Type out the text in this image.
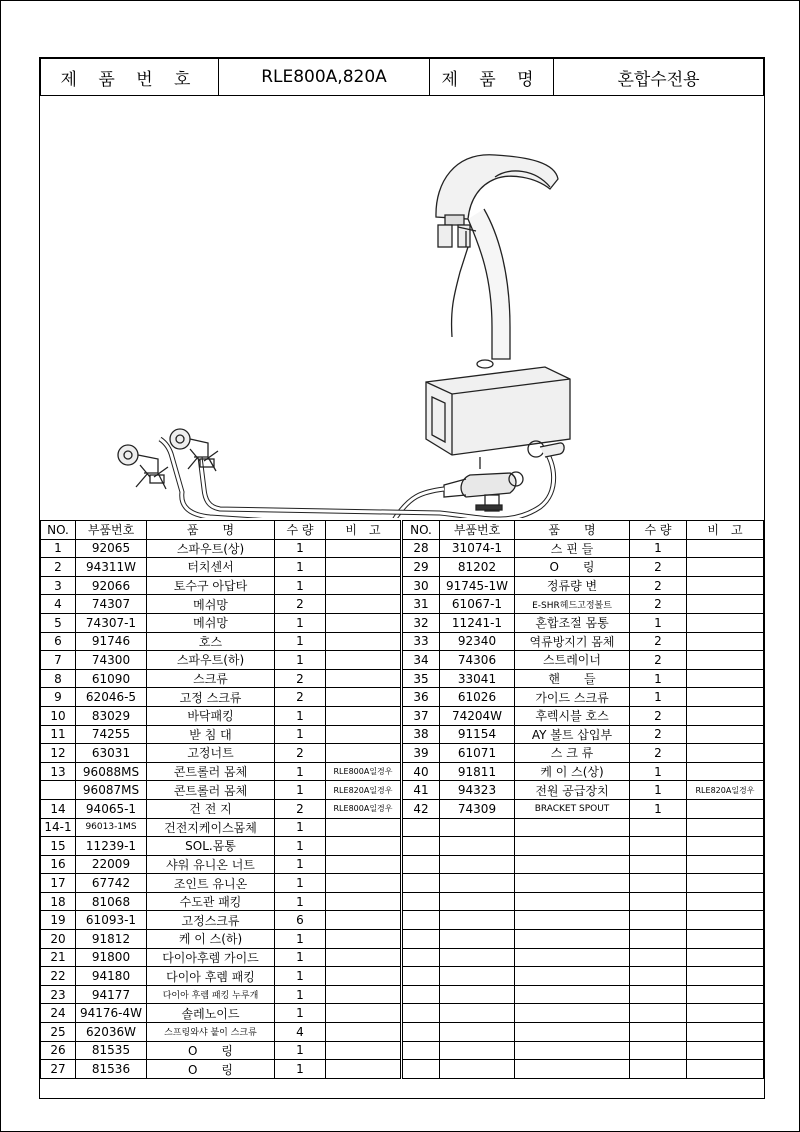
제 품 번 호	RLE800A,820A	제 품 명	혼합수전용
NO.	부품번호	품　　명	수 량	비　고
1	92065	스파우트(상)	1	
2	94311W	터치센서	1	
3	92066	토수구 아답타	1	
4	74307	메쉬망	2	
5	74307-1	메쉬망	1	
6	91746	호스	1	
7	74300	스파우트(하)	1	
8	61090	스크류	2	
9	62046-5	고정 스크류	2	
10	83029	바닥패킹	1	
11	74255	받 침 대	1	
12	63031	고정너트	2	
13	96088MS	콘트롤러 몸체	1	RLE800A일경우
	96087MS	콘트롤러 몸체	1	RLE820A일경우
14	94065-1	건 전 지	2	RLE800A일경우
14-1	96013-1MS	건전지케이스몸체	1	
15	11239-1	SOL.몸통	1	
16	22009	샤워 유니온 너트	1	
17	67742	조인트 유니온	1	
18	81068	수도관 패킹	1	
19	61093-1	고정스크류	6	
20	91812	케 이 스(하)	1	
21	91800	다이아후렘 가이드	1	
22	94180	다이아 후렘 패킹	1	
23	94177	다이아 후렘 패킹 누루개	1	
24	94176-4W	솔레노이드	1	
25	62036W	스프링와샤 붙이 스크류	4	
26	81535	O　　링	1	
27	81536	O　　링	1	
NO.	부품번호	품　　명	수 량	비　고
28	31074-1	스 핀 들	1	
29	81202	O　　링	2	
30	91745-1W	정류량 변	2	
31	61067-1	E-SHR헤드고정볼트	2	
32	11241-1	혼합조절 몸통	1	
33	92340	역류방지기 몸체	2	
34	74306	스트레이너	2	
35	33041	핸　　들	1	
36	61026	가이드 스크류	1	
37	74204W	후렉시블 호스	2	
38	91154	AY 볼트 삽입부	2	
39	61071	스 크 류	2	
40	91811	케 이 스(상)	1	
41	94323	전원 공급장치	1	RLE820A일경우
42	74309	BRACKET SPOUT	1	
